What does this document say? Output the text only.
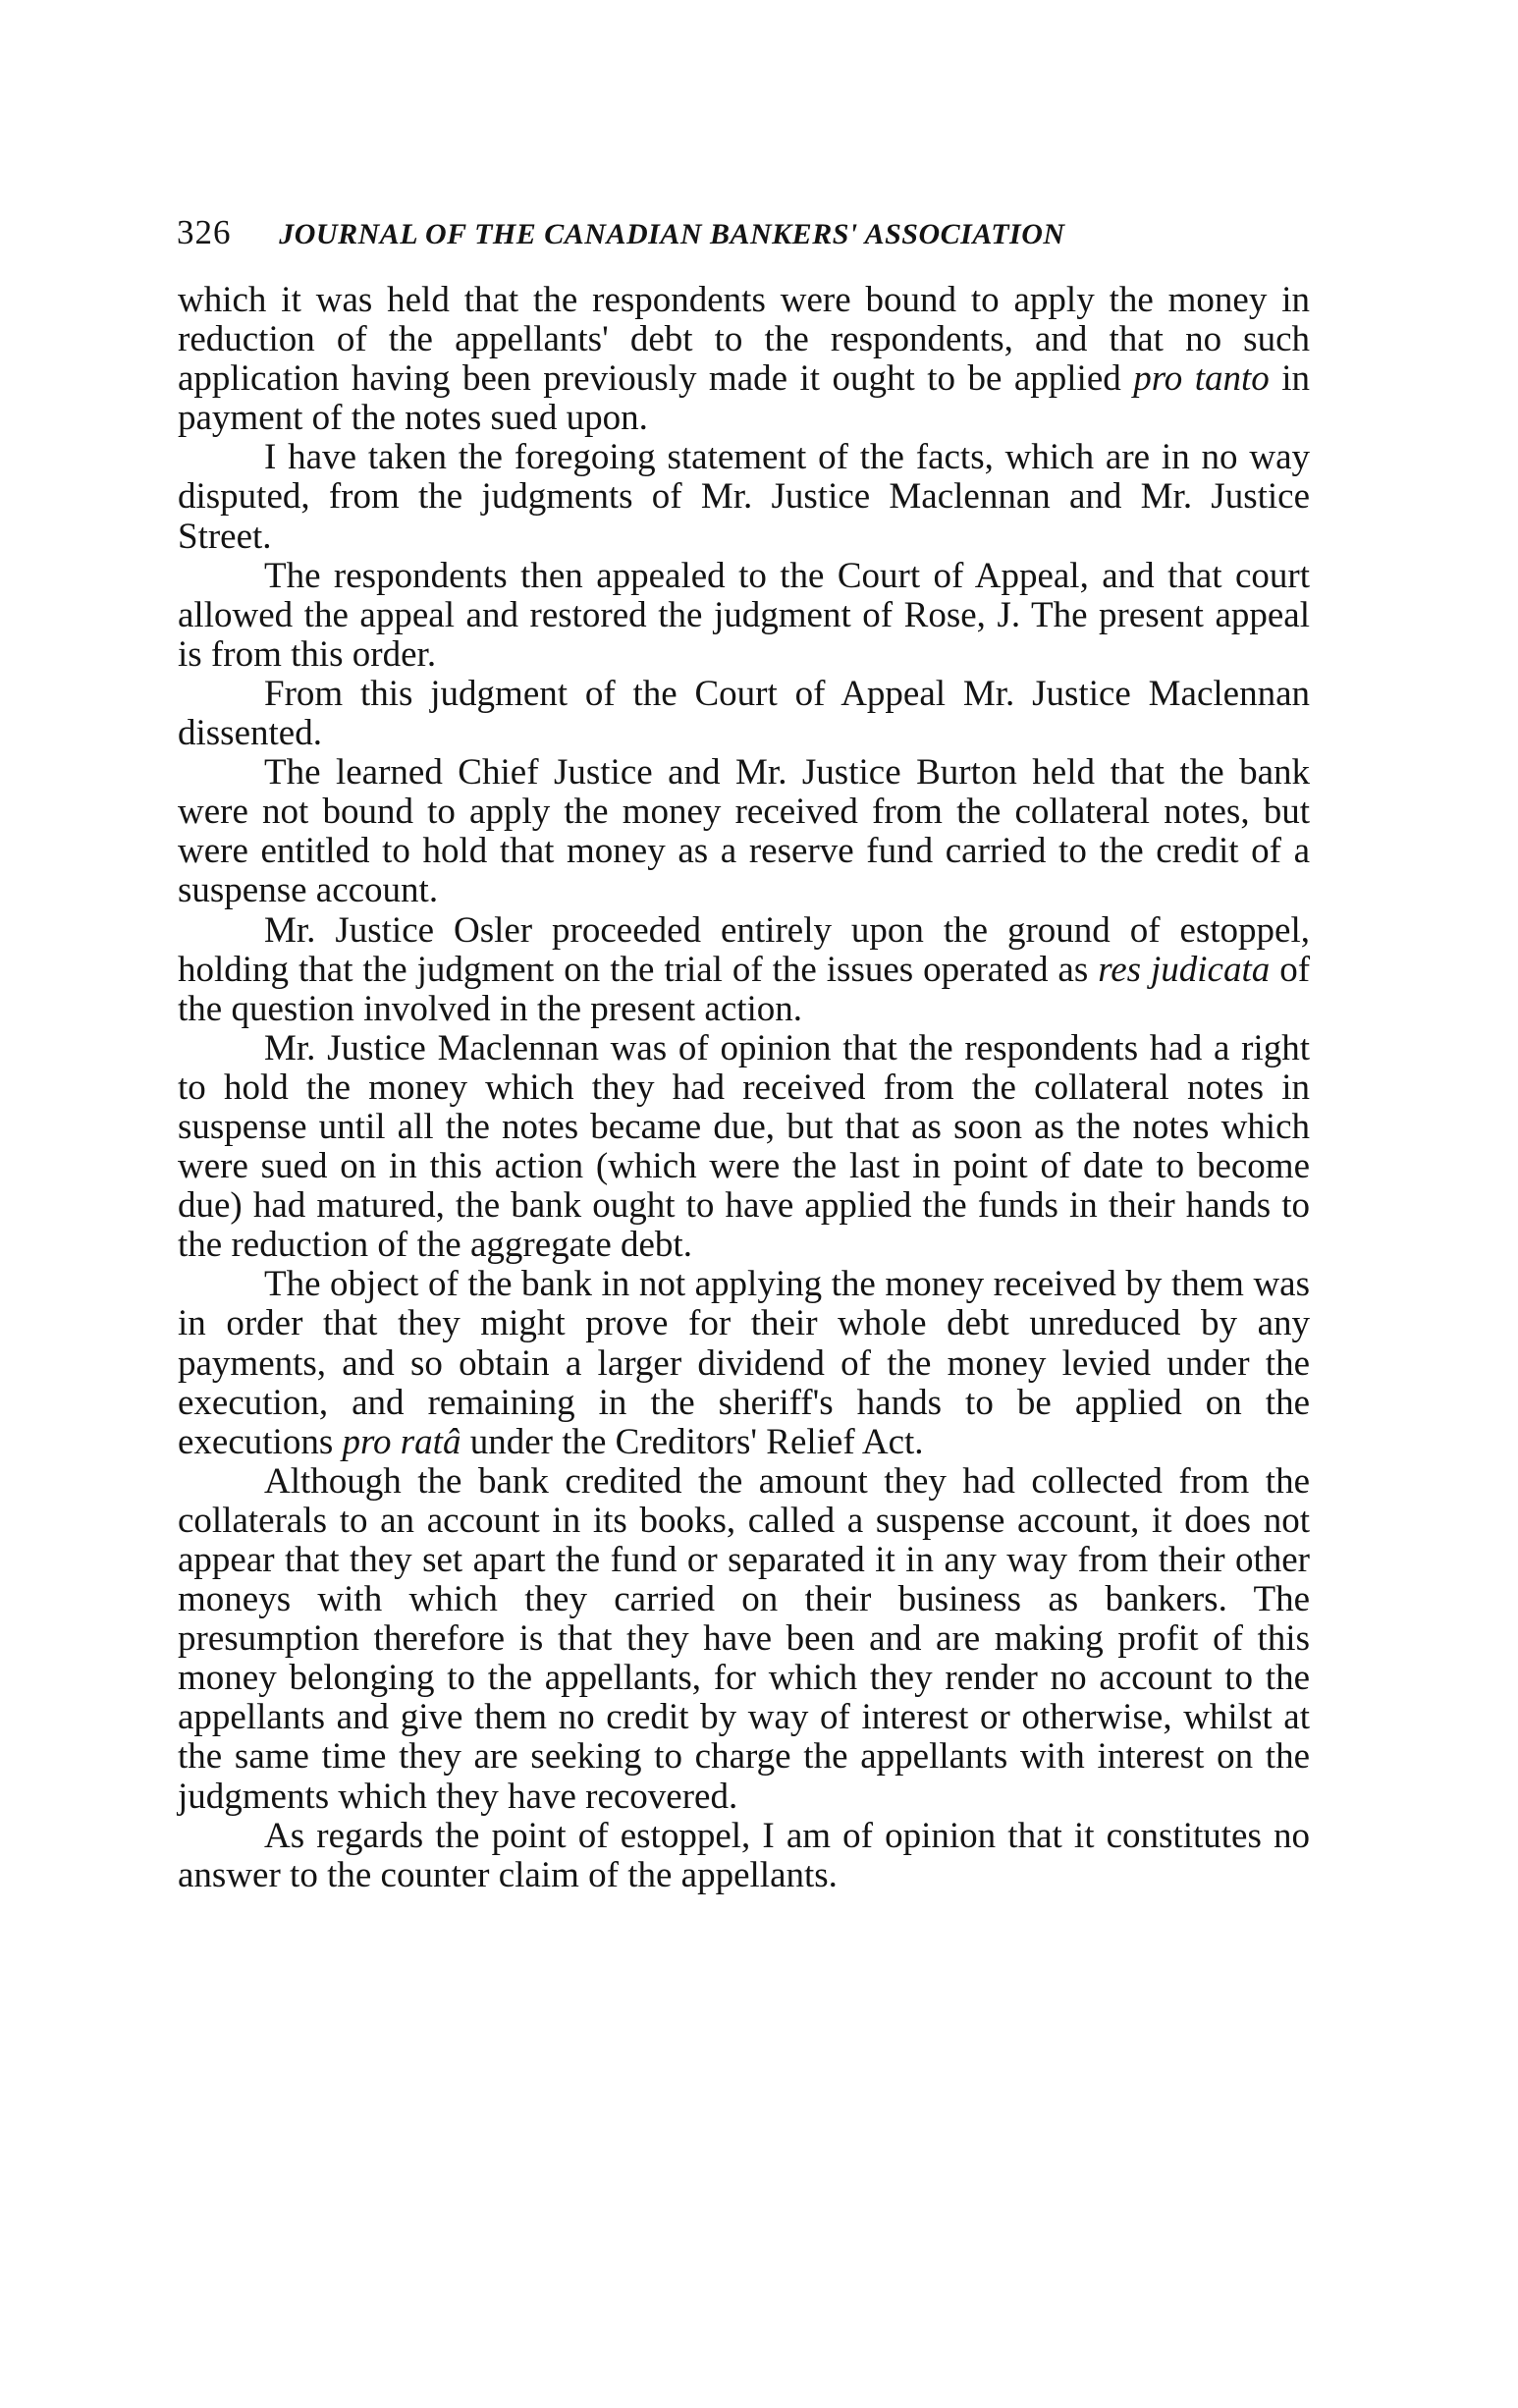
326 JOURNAL OF THE CANADIAN BANKERS' ASSOCIATION

which it was held that the respondents were bound to apply the money in reduction of the appellants' debt to the respondents, and that no such application having been previously made it ought to be applied pro tanto in payment of the notes sued upon.

I have taken the foregoing statement of the facts, which are in no way disputed, from the judgments of Mr. Justice Maclennan and Mr. Justice Street.

The respondents then appealed to the Court of Appeal, and that court allowed the appeal and restored the judgment of Rose, J. The present appeal is from this order.

From this judgment of the Court of Appeal Mr. Justice Maclennan dissented.

The learned Chief Justice and Mr. Justice Burton held that the bank were not bound to apply the money received from the collateral notes, but were entitled to hold that money as a reserve fund carried to the credit of a suspense account.

Mr. Justice Osler proceeded entirely upon the ground of estoppel, holding that the judgment on the trial of the issues operated as res judicata of the question involved in the present action.

Mr. Justice Maclennan was of opinion that the respondents had a right to hold the money which they had received from the collateral notes in suspense until all the notes became due, but that as soon as the notes which were sued on in this action (which were the last in point of date to become due) had matured, the bank ought to have applied the funds in their hands to the reduction of the aggregate debt.

The object of the bank in not applying the money received by them was in order that they might prove for their whole debt unreduced by any payments, and so obtain a larger dividend of the money levied under the execution, and remaining in the sheriff's hands to be applied on the executions pro ratâ under the Creditors' Relief Act.

Although the bank credited the amount they had collected from the collaterals to an account in its books, called a suspense account, it does not appear that they set apart the fund or separated it in any way from their other moneys with which they carried on their business as bankers. The presumption therefore is that they have been and are making profit of this money belonging to the appellants, for which they render no account to the appellants and give them no credit by way of interest or otherwise, whilst at the same time they are seeking to charge the appellants with interest on the judgments which they have recovered.

As regards the point of estoppel, I am of opinion that it constitutes no answer to the counter claim of the appellants.
